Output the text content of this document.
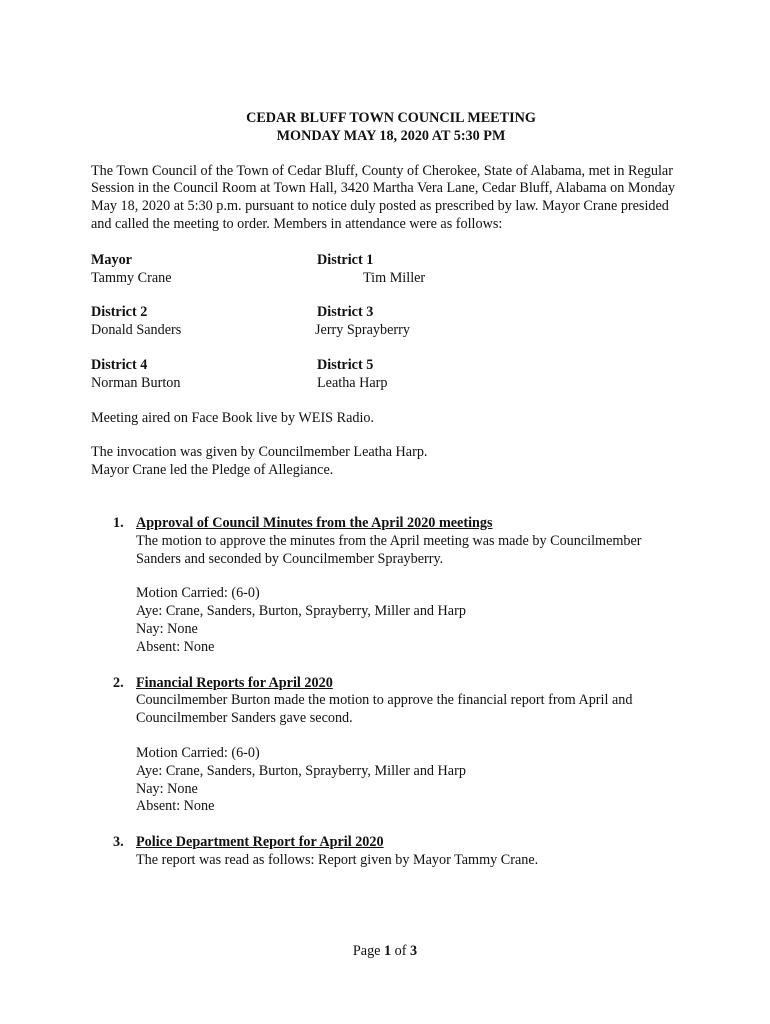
CEDAR BLUFF TOWN COUNCIL MEETING
MONDAY MAY 18, 2020 AT 5:30 PM

The Town Council of the Town of Cedar Bluff, County of Cherokee, State of Alabama, met in Regular Session in the Council Room at Town Hall, 3420 Martha Vera Lane, Cedar Bluff, Alabama on Monday May 18, 2020 at 5:30 p.m. pursuant to notice duly posted as prescribed by law. Mayor Crane presided and called the meeting to order. Members in attendance were as follows:

Mayor
Tammy Crane
District 1
Tim Miller
District 2
Donald Sanders
District 3
Jerry Sprayberry
District 4
Norman Burton
District 5
Leatha Harp

Meeting aired on Face Book live by WEIS Radio.

The invocation was given by Councilmember Leatha Harp.
Mayor Crane led the Pledge of Allegiance.

1. Approval of Council Minutes from the April 2020 meetings
The motion to approve the minutes from the April meeting was made by Councilmember Sanders and seconded by Councilmember Sprayberry.
Motion Carried: (6-0)
Aye: Crane, Sanders, Burton, Sprayberry, Miller and Harp
Nay: None
Absent: None
2. Financial Reports for April 2020
Councilmember Burton made the motion to approve the financial report from April and Councilmember Sanders gave second.
Motion Carried: (6-0)
Aye: Crane, Sanders, Burton, Sprayberry, Miller and Harp
Nay: None
Absent: None
3. Police Department Report for April 2020
The report was read as follows: Report given by Mayor Tammy Crane.
Page 1 of 3
